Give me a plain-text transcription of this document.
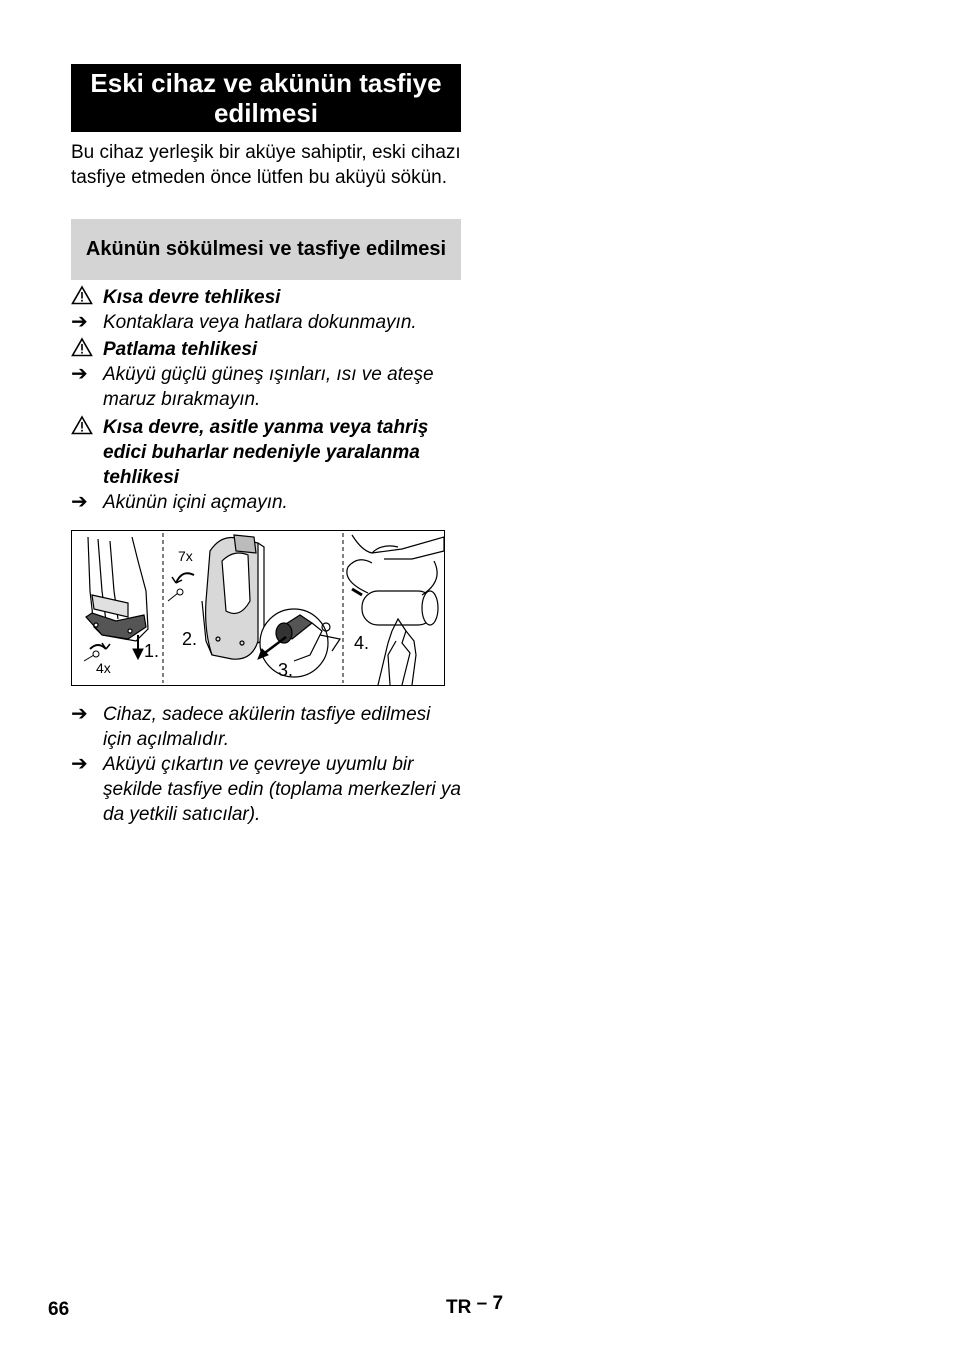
Eski cihaz ve akünün tasfiye edilmesi
Bu cihaz yerleşik bir aküye sahiptir, eski cihazı tasfiye etmeden önce lütfen bu aküyü sökün.
Akünün sökülmesi ve tasfiye edilmesi
Kısa devre tehlikesi
➔ Kontaklara veya hatlara dokunmayın.
Patlama tehlikesi
➔ Aküyü güçlü güneş ışınları, ısı ve ateşe maruz bırakmayın.
Kısa devre, asitle yanma veya tahriş edici buharlar nedeniyle yaralanma tehlikesi
➔ Akünün içini açmayın.
4x
1.
7x
2.
3.
4.
➔ Cihaz, sadece akülerin tasfiye edilmesi için açılmalıdır.
➔ Aküyü çıkartın ve çevreye uyumlu bir şekilde tasfiye edin (toplama merkezleri ya da yetkili satıcılar).
66	TR – 7
